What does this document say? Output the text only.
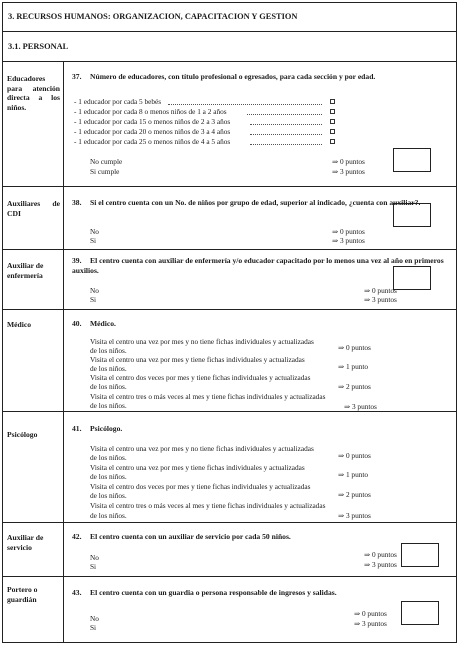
3. RECURSOS HUMANOS: ORGANIZACION, CAPACITACION Y GESTION
3.1. PERSONAL
Educadores para atención directa a los niños.
37. Número de educadores, con título profesional o egresados, para cada sección y por edad.
- 1 educador por cada 5 bebés
- 1 educador por cada 8 o menos niños de 1 a 2 años
- 1 educador por cada 15 o menos niños de 2 a 3 años
- 1 educador por cada 20 o menos niños de 3 a 4 años
- 1 educador por cada 25 o menos niños de 4 a 5 años
No cumple
Si cumple
⇒ 0 puntos
⇒ 3 puntos
Auxiliares de
CDI
38. Si el centro cuenta con un No. de niños por grupo de edad, superior al indicado, ¿cuenta con auxiliar?.
No
Si
⇒ 0 puntos
⇒ 3 puntos
Auxiliar de enfermería
39. El centro cuenta con auxiliar de enfermería y/o educador capacitado por lo menos una vez al año en primeros auxilios.
No
Si
⇒ 0 puntos
⇒ 3 puntos
Médico	40. Médico.
Visita el centro una vez por mes y no tiene fichas individuales y actualizadas
de los niños.
Visita el centro una vez por mes y tiene fichas individuales y actualizadas
de los niños.
Visita el centro dos veces por mes y tiene fichas individuales y actualizadas
de los niños.
Visita el centro tres o más veces al mes y tiene fichas individuales y actualizadas
de los niños.
⇒ 0 puntos
⇒ 1 punto
⇒ 2 puntos
⇒ 3 puntos
Psicólogo
41. Psicólogo.
Visita el centro una vez por mes y no tiene fichas individuales y actualizadas
de los niños.
Visita el centro una vez por mes y tiene fichas individuales y actualizadas
de los niños.
Visita el centro dos veces por mes y tiene fichas individuales y actualizadas
de los niños.
Visita el centro tres o más veces al mes y tiene fichas individuales y actualizadas
de los niños.
⇒ 0 puntos
⇒ 1 punto
⇒ 2 puntos
⇒ 3 puntos
Auxiliar de servicio
42. El centro cuenta con un auxiliar de servicio por cada 50 niños.
No
Si
⇒ 0 puntos
⇒ 3 puntos
Portero o guardián
43. El centro cuenta con un guardia o persona responsable de ingresos y salidas.
No
Si
⇒ 0 puntos
⇒ 3 puntos
